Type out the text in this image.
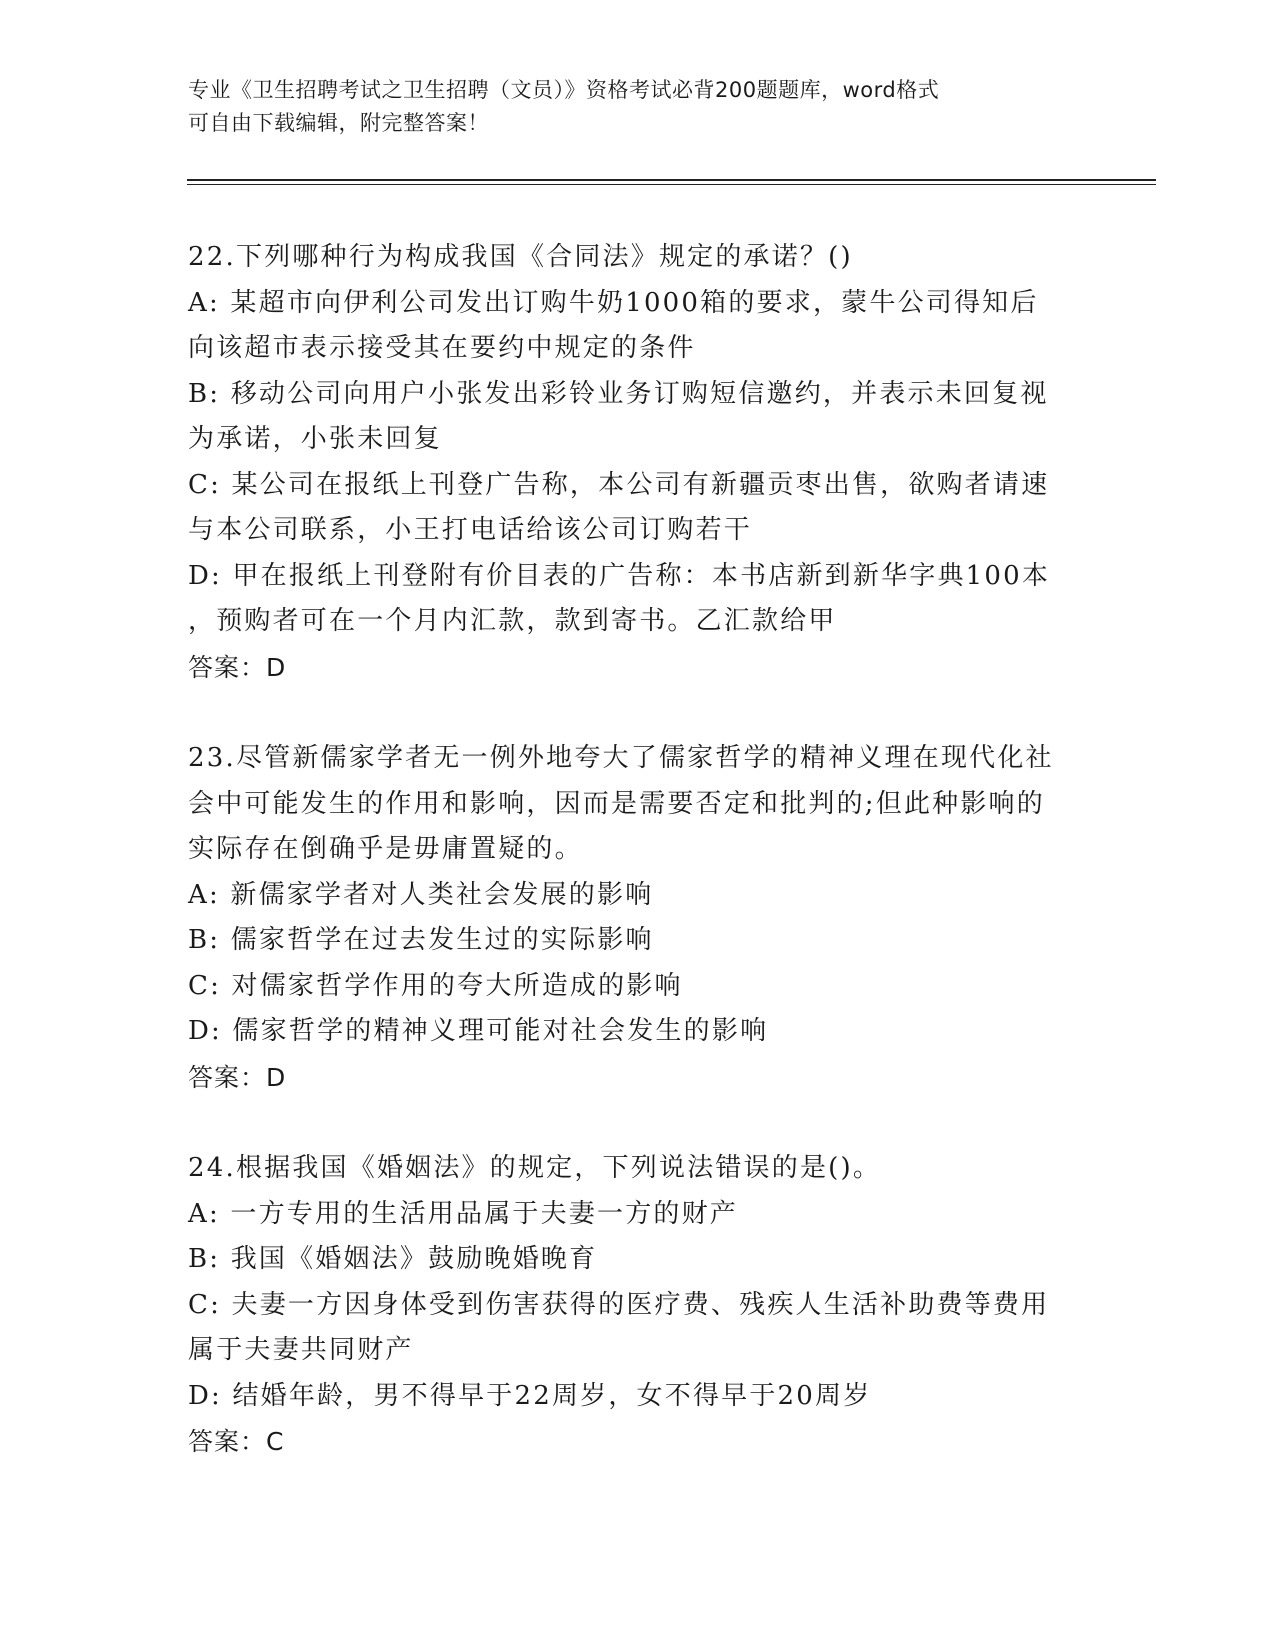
专业《卫生招聘考试之卫生招聘（文员）》资格考试必背200题题库，word格式
可自由下载编辑，附完整答案！
22.下列哪种行为构成我国《合同法》规定的承诺？()
A: 某超市向伊利公司发出订购牛奶1000箱的要求，蒙牛公司得知后
向该超市表示接受其在要约中规定的条件
B: 移动公司向用户小张发出彩铃业务订购短信邀约，并表示未回复视
为承诺，小张未回复
C: 某公司在报纸上刊登广告称，本公司有新疆贡枣出售，欲购者请速
与本公司联系，小王打电话给该公司订购若干
D: 甲在报纸上刊登附有价目表的广告称：本书店新到新华字典100本
，预购者可在一个月内汇款，款到寄书。乙汇款给甲
答案：D
23.尽管新儒家学者无一例外地夸大了儒家哲学的精神义理在现代化社
会中可能发生的作用和影响，因而是需要否定和批判的;但此种影响的
实际存在倒确乎是毋庸置疑的。
A: 新儒家学者对人类社会发展的影响
B: 儒家哲学在过去发生过的实际影响
C: 对儒家哲学作用的夸大所造成的影响
D: 儒家哲学的精神义理可能对社会发生的影响
答案：D
24.根据我国《婚姻法》的规定，下列说法错误的是()。
A: 一方专用的生活用品属于夫妻一方的财产
B: 我国《婚姻法》鼓励晚婚晚育
C: 夫妻一方因身体受到伤害获得的医疗费、残疾人生活补助费等费用
属于夫妻共同财产
D: 结婚年龄，男不得早于22周岁，女不得早于20周岁
答案：C
